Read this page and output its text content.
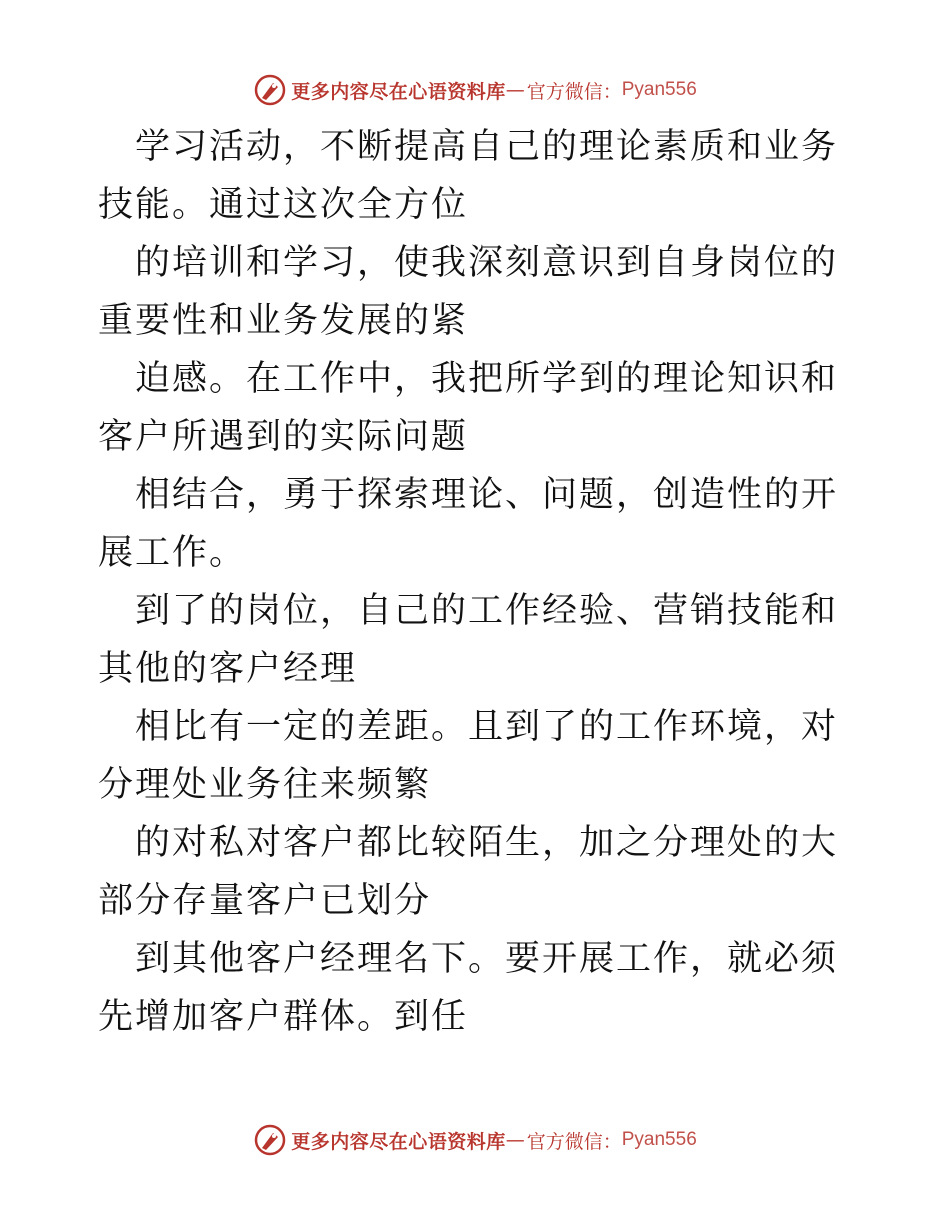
更多内容尽在心语资料库 — 官方微信： Pyan556

学习活动，不断提高自己的理论素质和业务技能。通过这次全方位

的培训和学习，使我深刻意识到自身岗位的重要性和业务发展的紧

迫感。在工作中，我把所学到的理论知识和客户所遇到的实际问题

相结合，勇于探索理论、问题，创造性的开展工作。

到了的岗位，自己的工作经验、营销技能和其他的客户经理

相比有一定的差距。且到了的工作环境，对分理处业务往来频繁

的对私对客户都比较陌生，加之分理处的大部分存量客户已划分

到其他客户经理名下。要开展工作，就必须先增加客户群体。到任

更多内容尽在心语资料库 — 官方微信： Pyan556
